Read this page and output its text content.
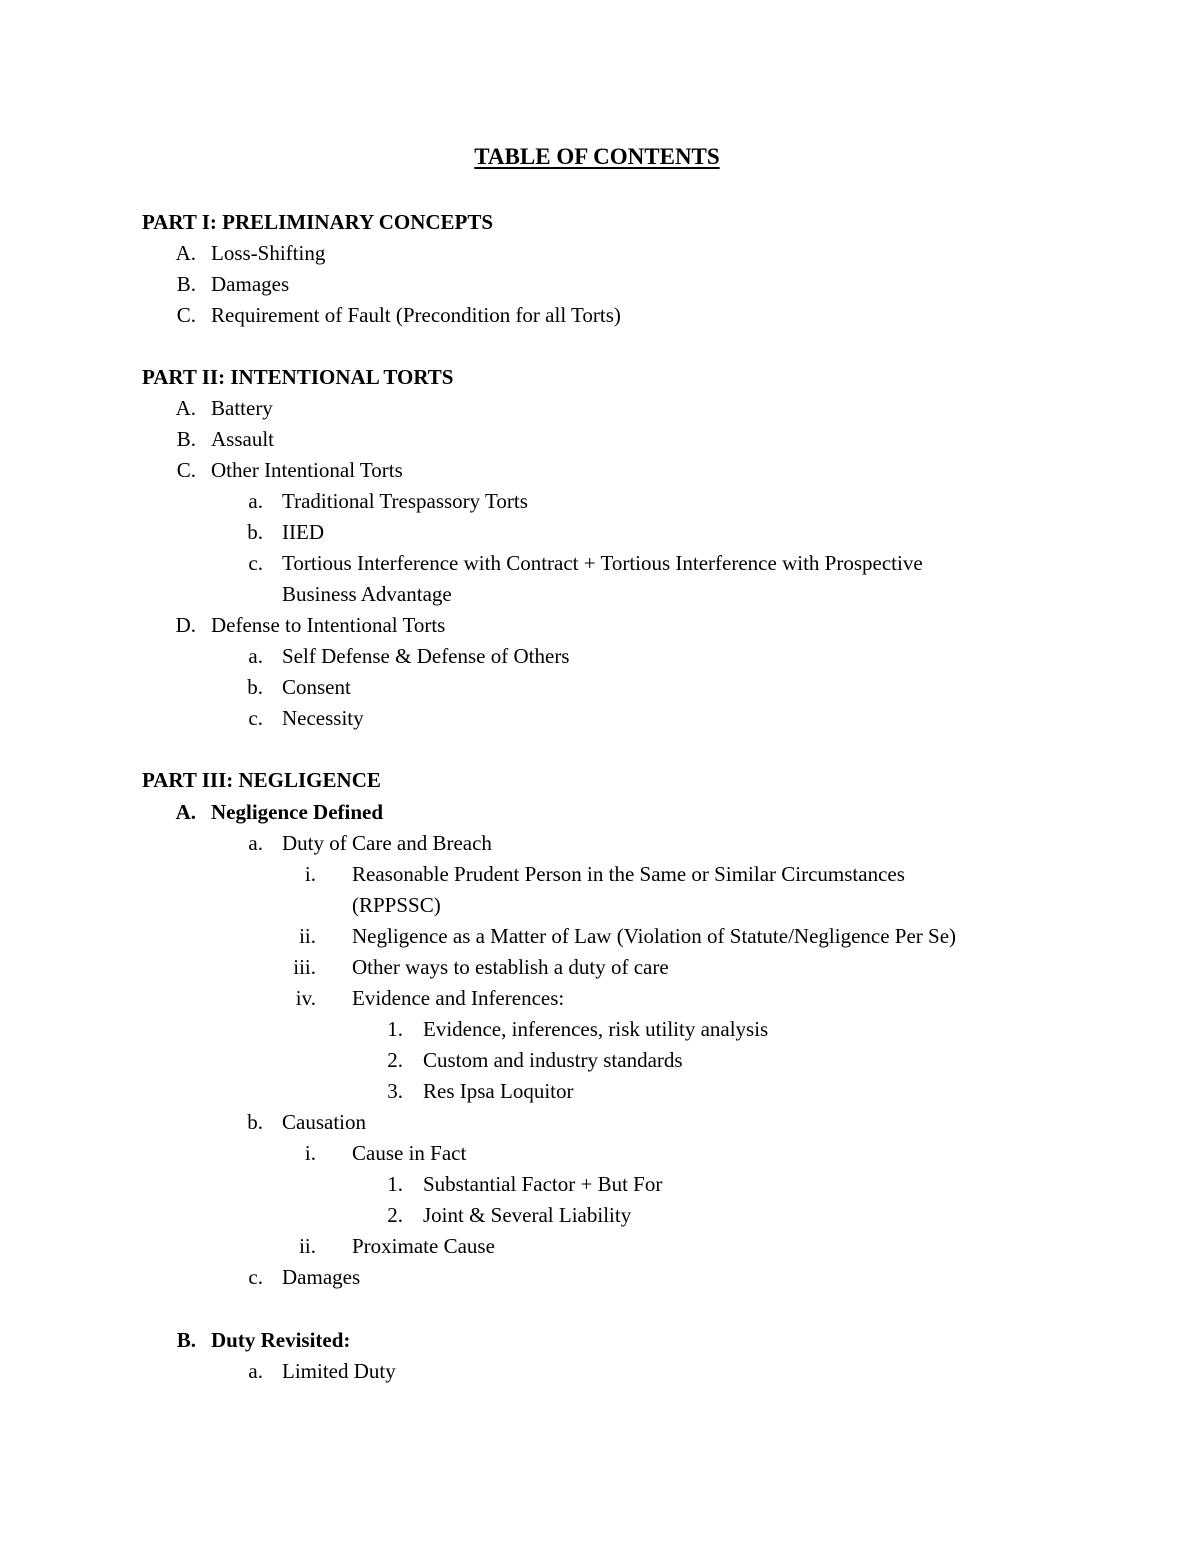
TABLE OF CONTENTS
PART I: PRELIMINARY CONCEPTS
A. Loss-Shifting
B. Damages
C. Requirement of Fault (Precondition for all Torts)
PART II: INTENTIONAL TORTS
A. Battery
B. Assault
C. Other Intentional Torts
a. Traditional Trespassory Torts
b. IIED
c. Tortious Interference with Contract + Tortious Interference with Prospective
Business Advantage
D. Defense to Intentional Torts
a. Self Defense & Defense of Others
b. Consent
c. Necessity
PART III: NEGLIGENCE
A. Negligence Defined
a. Duty of Care and Breach
i. Reasonable Prudent Person in the Same or Similar Circumstances
(RPPSSC)
ii. Negligence as a Matter of Law (Violation of Statute/Negligence Per Se)
iii. Other ways to establish a duty of care
iv. Evidence and Inferences:
1. Evidence, inferences, risk utility analysis
2. Custom and industry standards
3. Res Ipsa Loquitor
b. Causation
i. Cause in Fact
1. Substantial Factor + But For
2. Joint & Several Liability
ii. Proximate Cause
c. Damages
B. Duty Revisited:
a. Limited Duty
